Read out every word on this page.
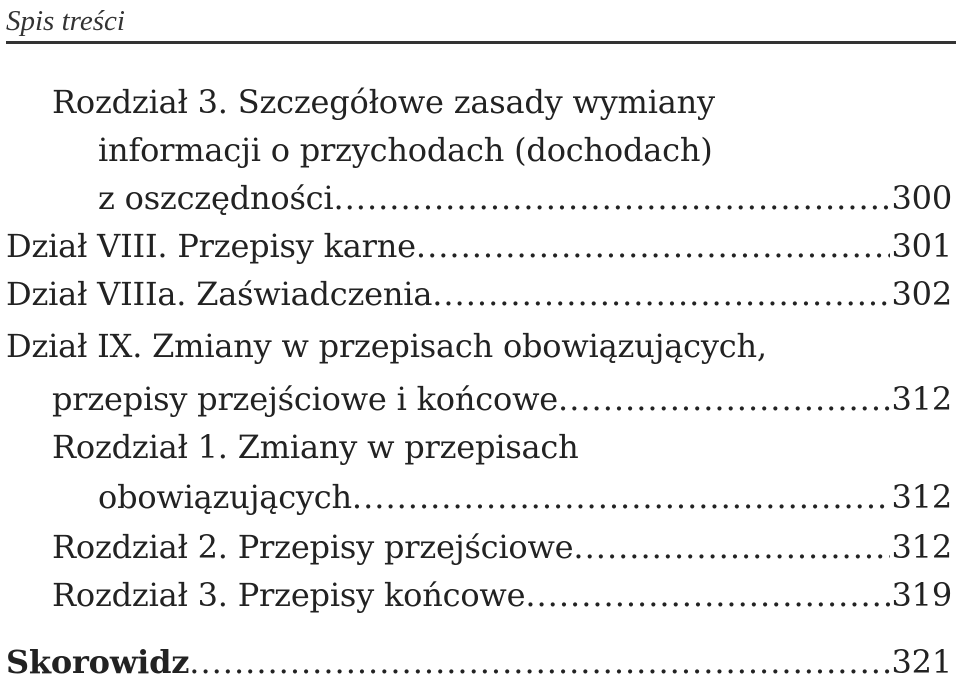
Spis treści
Rozdział 3. Szczegółowe zasady wymiany
informacji o przychodach (dochodach)
z oszczędności .....	300
Dział VIII. Przepisy karne .....	301
Dział VIIIa. Zaświadczenia .....	302
Dział IX. Zmiany w przepisach obowiązujących,
przepisy przejściowe i końcowe .....	312
Rozdział 1. Zmiany w przepisach
obowiązujących .....	312
Rozdział 2. Przepisy przejściowe .....	312
Rozdział 3. Przepisy końcowe .....	319
Skorowidz .....	321
